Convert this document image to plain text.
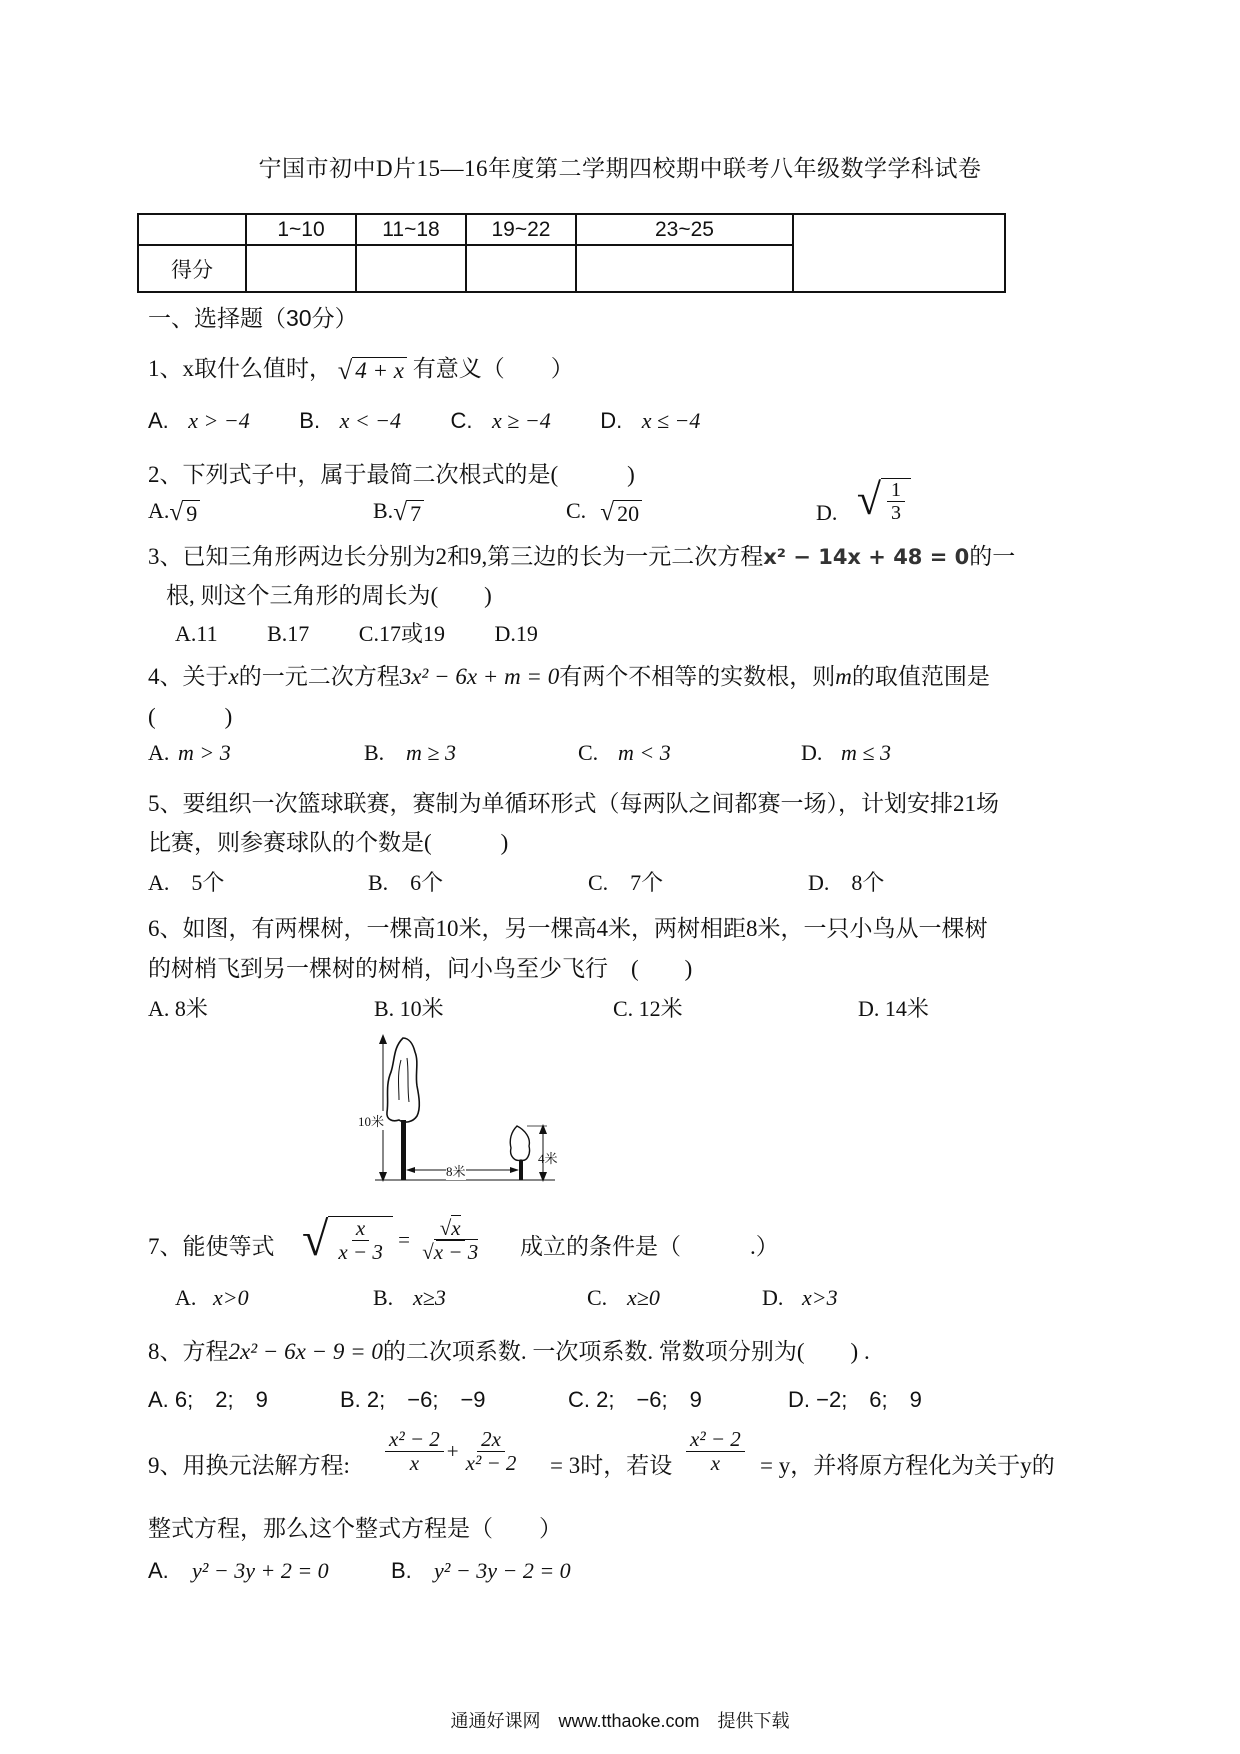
宁国市初中D片15—16年度第二学期四校期中联考八年级数学学科试卷
	1~10	11~18	19~22	23~25	
得分					
一、选择题（30分）
1、x取什么值时， √ 4 + x 有意义（　　）
A. x > −4 B. x < −4 C. x ≥ −4 D. x ≤ −4
2、下列式子中，属于最简二次根式的是(　　　)
A. √ 9	B. √ 7	C. √ 20	D. √ $\frac{1}{3}$
3、已知三角形两边长分别为2和9,第三边的长为一元二次方程x² − 14x + 48 = 0的一
根, 则这个三角形的周长为(　　)
A.11 B.17 C.17或19 D.19
4、关于x的一元二次方程3x² − 6x + m = 0有两个不相等的实数根，则m的取值范围是
(　　　)
A. m > 3	B. m ≥ 3	C. m < 3	D. m ≤ 3
5、要组织一次篮球联赛，赛制为单循环形式（每两队之间都赛一场），计划安排21场
比赛，则参赛球队的个数是(　　　)
A.　5个	B.　6个	C.　7个	D.　8个
6、如图，有两棵树，一棵高10米，另一棵高4米，两树相距8米，一只小鸟从一棵树
的树梢飞到另一棵树的树梢，问小鸟至少飞行　(　　)
A. 8米	B. 10米	C. 12米	D. 14米
10米
8米
4米
7、能使等式 √ $\frac{x}{x - 3} = \frac{√x}{√x - 3}$ 成立的条件是（　　　.）
A. x>0	B. x≥3	C. x≥0	D. x>3
8、方程2x² − 6x − 9 = 0的二次项系数. 一次项系数. 常数项分别为(　　) .
A. 6;　2;　9	B. 2;　−6;　−9	C. 2;　−6;　9	D. −2;　6;　9
9、用换元法解方程: $\frac{\text{x² − 2}}{x} + \frac{2x}{\text{x² − 2}} = 3$时，若设 $\frac{\text{x² − 2}}{x} = y$，并将原方程化为关于y的
整式方程，那么这个整式方程是（　　）
A. y² − 3y + 2 = 0	B. y² − 3y − 2 = 0
通通好课网　www.tthaoke.com　提供下载
